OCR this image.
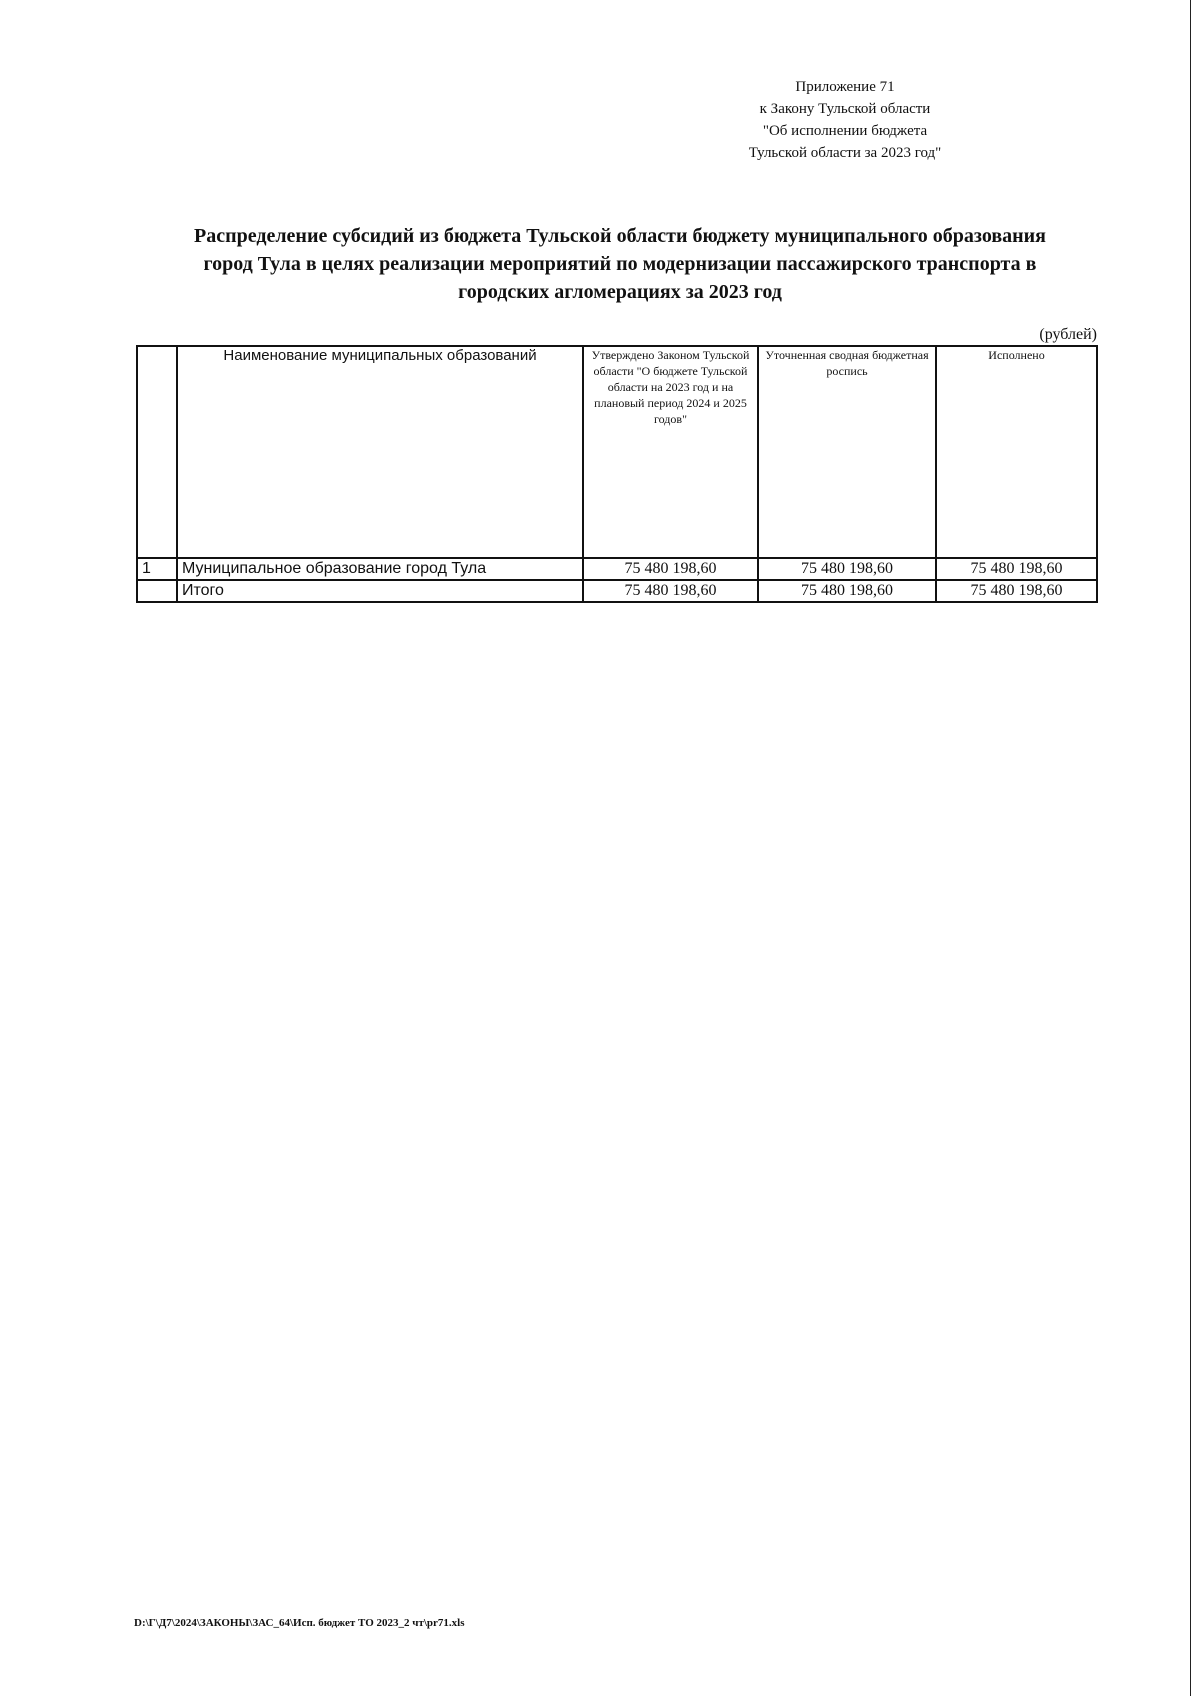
Приложение 71
к Закону Тульской области
"Об исполнении бюджета
Тульской области за 2023 год"
Распределение субсидий из бюджета Тульской области бюджету муниципального образования
город Тула в целях реализации мероприятий по модернизации пассажирского транспорта в
городских агломерациях за 2023 год
(рублей)
	Наименование муниципальных образований	Утверждено Законом Тульской области "О бюджете Тульской области на 2023 год и на плановый период 2024 и 2025 годов"	Уточненная сводная бюджетная роспись	Исполнено
1	Муниципальное образование город Тула	75 480 198,60	75 480 198,60	75 480 198,60
	Итого	75 480 198,60	75 480 198,60	75 480 198,60
D:\Г\Д7\2024\ЗАКОНЫ\ЗАС_64\Исп. бюджет ТО 2023_2 чт\pr71.xls
